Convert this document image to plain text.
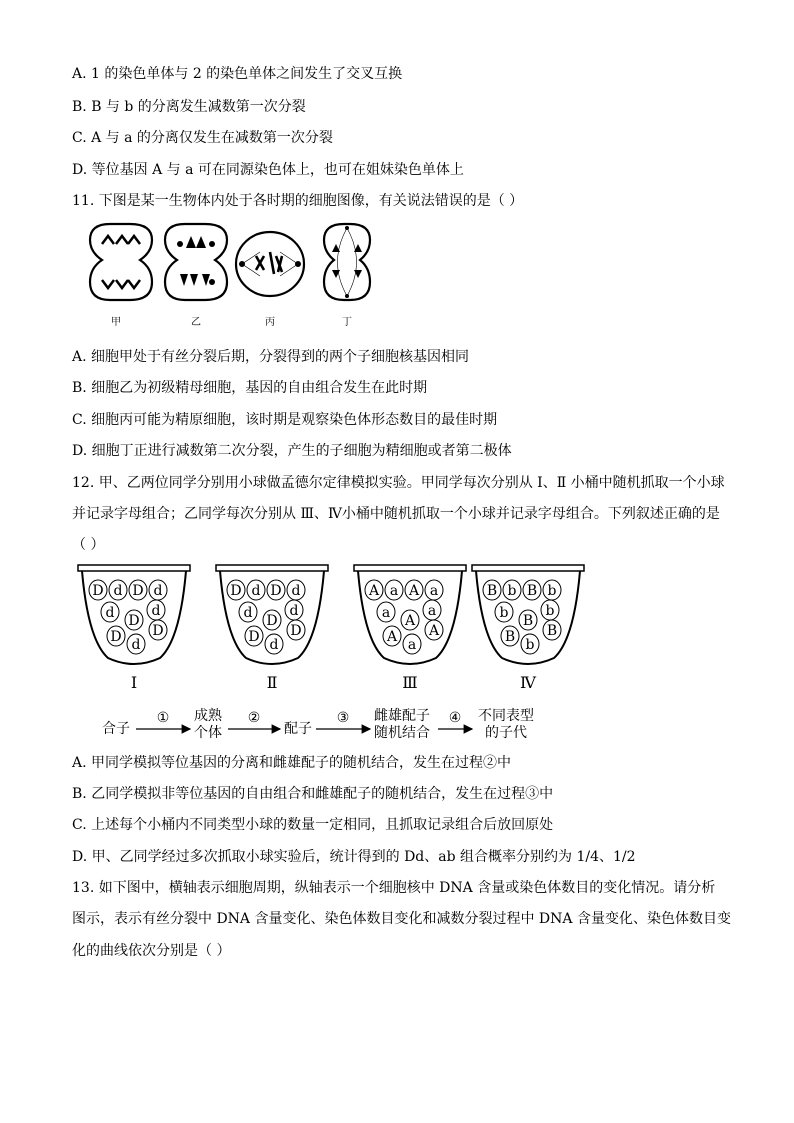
A. 1 的染色单体与 2 的染色单体之间发生了交叉互换
B. B 与 b 的分离发生减数第一次分裂
C. A 与 a 的分离仅发生在减数第一次分裂
D. 等位基因 A 与 a 可在同源染色体上，也可在姐妹染色单体上
11. 下图是某一生物体内处于各时期的细胞图像，有关说法错误的是（ ）
甲	乙	丙	丁
A. 细胞甲处于有丝分裂后期，分裂得到的两个子细胞核基因相同
B. 细胞乙为初级精母细胞，基因的自由组合发生在此时期
C. 细胞丙可能为精原细胞，该时期是观察染色体形态数目的最佳时期
D. 细胞丁正进行减数第二次分裂，产生的子细胞为精细胞或者第二极体
12. 甲、乙两位同学分别用小球做孟德尔定律模拟实验。甲同学每次分别从 Ⅰ、Ⅱ 小桶中随机抓取一个小球
并记录字母组合；乙同学每次分别从 Ⅲ、Ⅳ小桶中随机抓取一个小球并记录字母组合。下列叙述正确的是
（ ）
D d D d
d
d D
D D
d
Ⅰ
D d D d
d
d D
D D
d
Ⅱ
A a A a
a
a A
A A
a
Ⅲ
B b B b
b
b B
B B
b
Ⅳ
合子
① 成熟
个体
②
配子
③ 雌雄配子
随机结合
④ 不同表型
的子代
A. 甲同学模拟等位基因的分离和雌雄配子的随机结合，发生在过程②中
B. 乙同学模拟非等位基因的自由组合和雌雄配子的随机结合，发生在过程③中
C. 上述每个小桶内不同类型小球的数量一定相同，且抓取记录组合后放回原处
D. 甲、乙同学经过多次抓取小球实验后，统计得到的 Dd、ab 组合概率分别约为 1/4、1/2
13. 如下图中，横轴表示细胞周期，纵轴表示一个细胞核中 DNA 含量或染色体数目的变化情况。请分析
图示，表示有丝分裂中 DNA 含量变化、染色体数目变化和减数分裂过程中 DNA 含量变化、染色体数目变
化的曲线依次分别是（ ）
